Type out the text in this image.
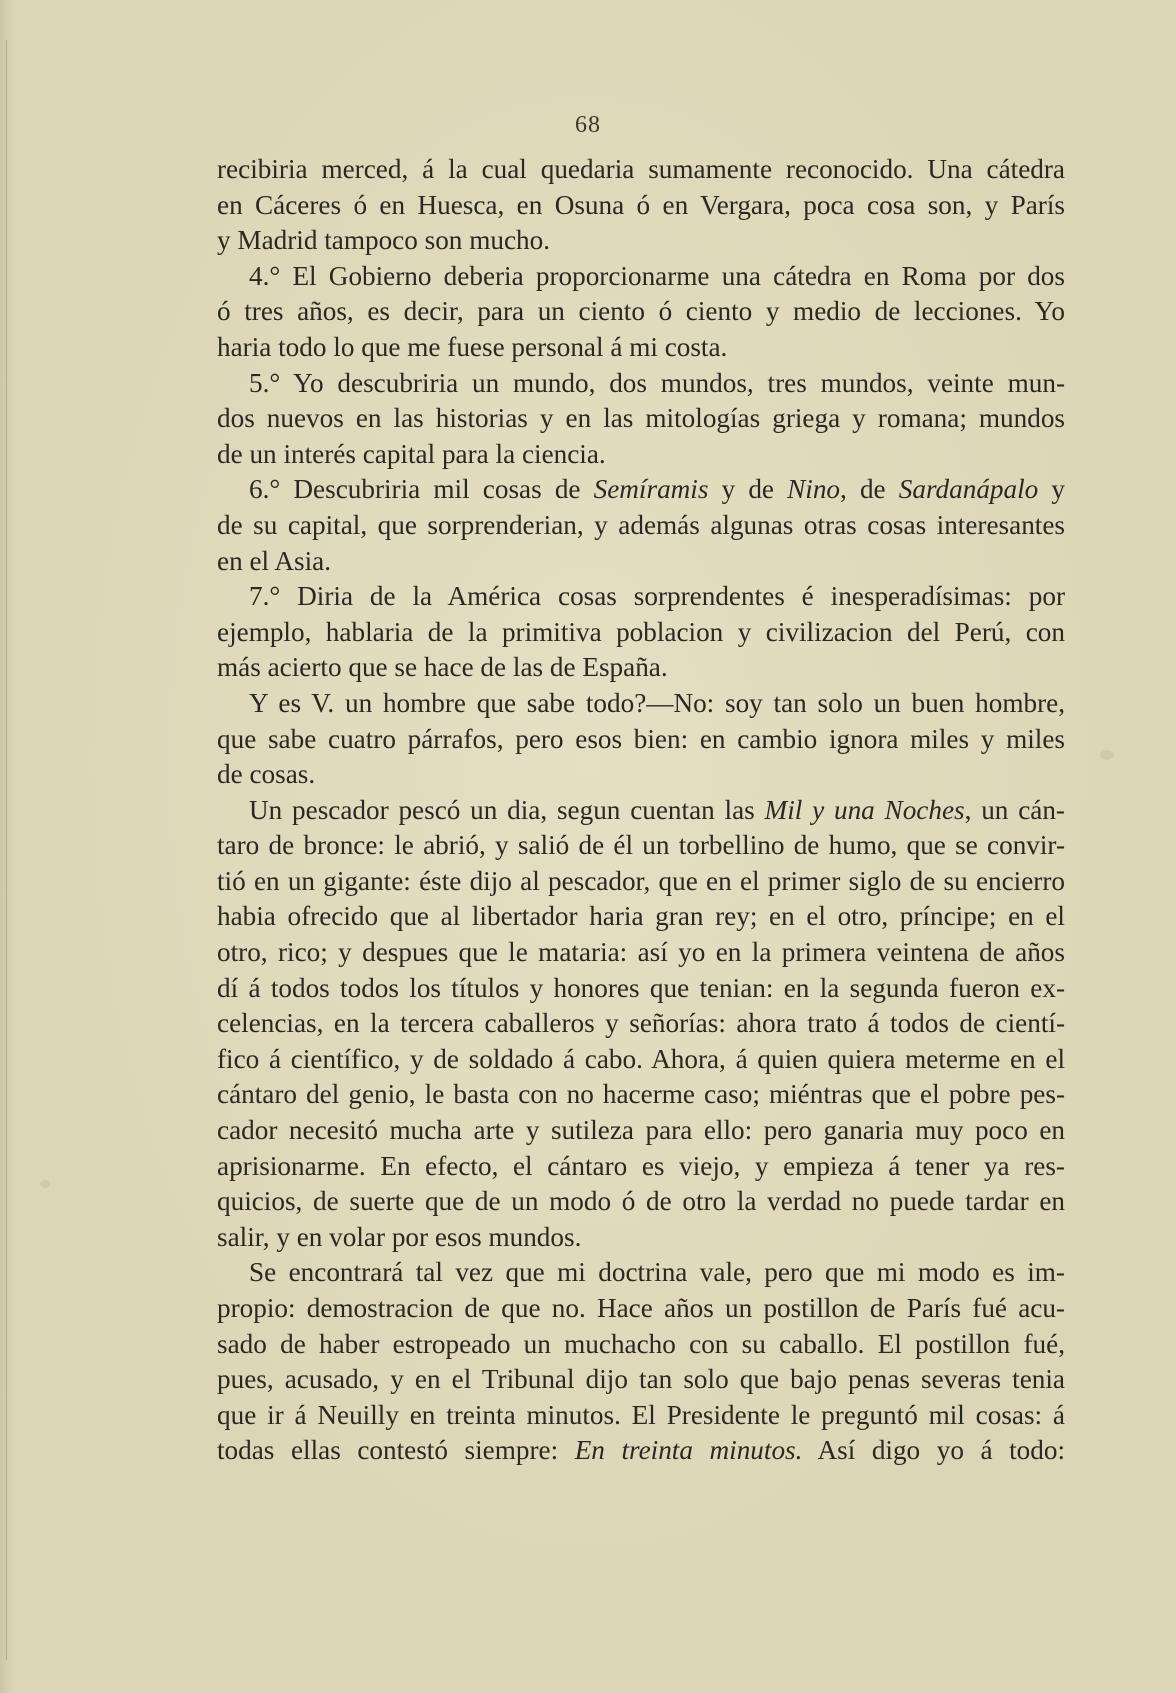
68
recibiria merced, á la cual quedaria sumamente reconocido. Una cátedra
en Cáceres ó en Huesca, en Osuna ó en Vergara, poca cosa son, y París
y Madrid tampoco son mucho.
4.° El Gobierno deberia proporcionarme una cátedra en Roma por dos
ó tres años, es decir, para un ciento ó ciento y medio de lecciones. Yo
haria todo lo que me fuese personal á mi costa.
5.° Yo descubriria un mundo, dos mundos, tres mundos, veinte mun-
dos nuevos en las historias y en las mitologías griega y romana; mundos
de un interés capital para la ciencia.
6.° Descubriria mil cosas de Semíramis y de Nino, de Sardanápalo y
de su capital, que sorprenderian, y además algunas otras cosas interesantes
en el Asia.
7.° Diria de la América cosas sorprendentes é inesperadísimas: por
ejemplo, hablaria de la primitiva poblacion y civilizacion del Perú, con
más acierto que se hace de las de España.
Y es V. un hombre que sabe todo?—No: soy tan solo un buen hombre,
que sabe cuatro párrafos, pero esos bien: en cambio ignora miles y miles
de cosas.
Un pescador pescó un dia, segun cuentan las Mil y una Noches, un cán-
taro de bronce: le abrió, y salió de él un torbellino de humo, que se convir-
tió en un gigante: éste dijo al pescador, que en el primer siglo de su encierro
habia ofrecido que al libertador haria gran rey; en el otro, príncipe; en el
otro, rico; y despues que le mataria: así yo en la primera veintena de años
dí á todos todos los títulos y honores que tenian: en la segunda fueron ex-
celencias, en la tercera caballeros y señorías: ahora trato á todos de cientí-
fico á científico, y de soldado á cabo. Ahora, á quien quiera meterme en el
cántaro del genio, le basta con no hacerme caso; miéntras que el pobre pes-
cador necesitó mucha arte y sutileza para ello: pero ganaria muy poco en
aprisionarme. En efecto, el cántaro es viejo, y empieza á tener ya res-
quicios, de suerte que de un modo ó de otro la verdad no puede tardar en
salir, y en volar por esos mundos.
Se encontrará tal vez que mi doctrina vale, pero que mi modo es im-
propio: demostracion de que no. Hace años un postillon de París fué acu-
sado de haber estropeado un muchacho con su caballo. El postillon fué,
pues, acusado, y en el Tribunal dijo tan solo que bajo penas severas tenia
que ir á Neuilly en treinta minutos. El Presidente le preguntó mil cosas: á
todas ellas contestó siempre: En treinta minutos. Así digo yo á todo:
